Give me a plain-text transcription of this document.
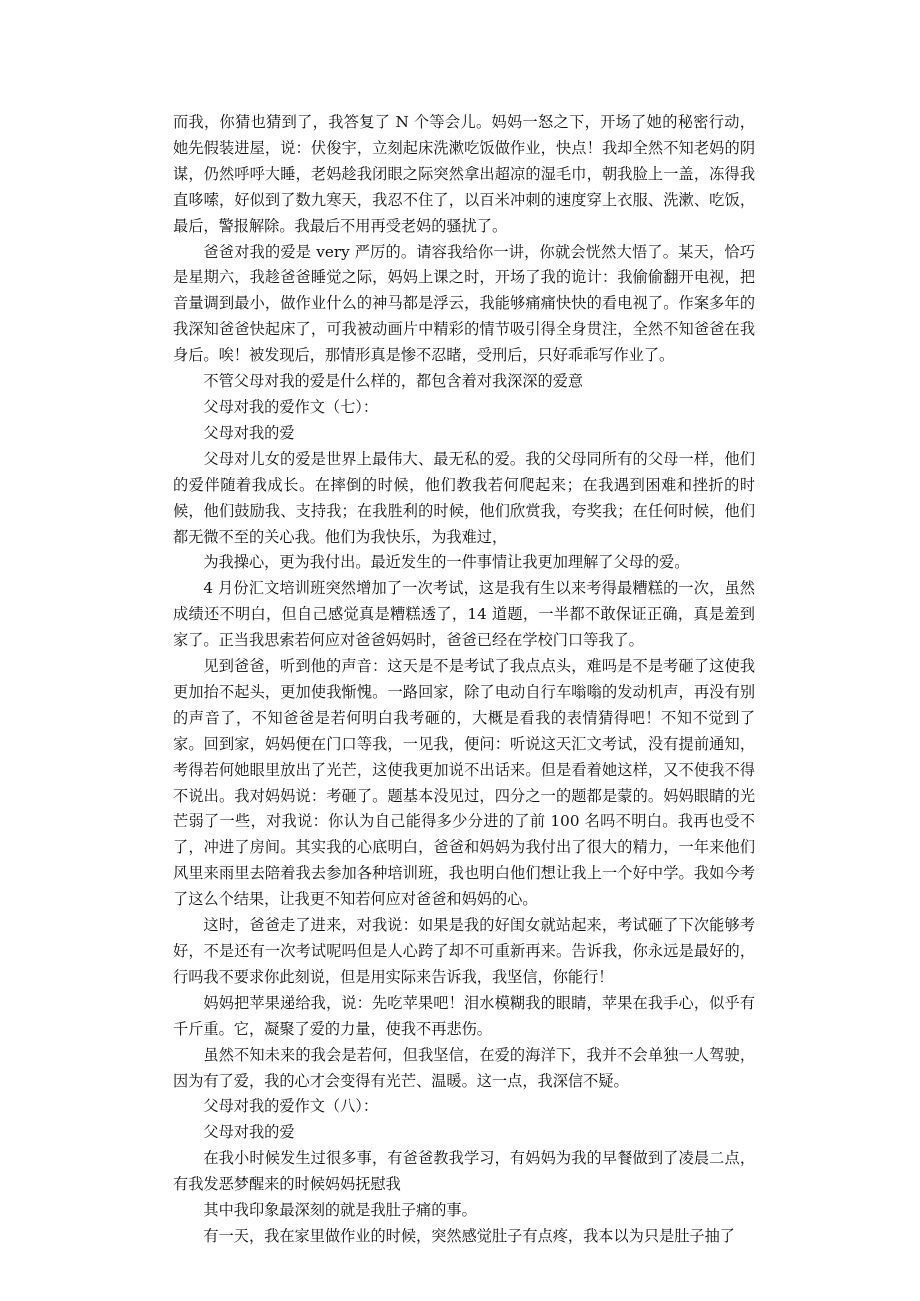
而我，你猜也猜到了，我答复了 N 个等会儿。妈妈一怒之下，开场了她的秘密行动，她先假装进屋，说：伏俊宇，立刻起床洗漱吃饭做作业，快点！我却全然不知老妈的阴谋，仍然呼呼大睡，老妈趁我闭眼之际突然拿出超凉的湿毛巾，朝我脸上一盖，冻得我直哆嗦，好似到了数九寒天，我忍不住了，以百米冲刺的速度穿上衣服、洗漱、吃饭，最后，警报解除。我最后不用再受老妈的骚扰了。

爸爸对我的爱是 very 严厉的。请容我给你一讲，你就会恍然大悟了。某天，恰巧是星期六，我趁爸爸睡觉之际，妈妈上课之时，开场了我的诡计：我偷偷翻开电视，把音量调到最小，做作业什么的神马都是浮云，我能够痛痛快快的看电视了。作案多年的我深知爸爸快起床了，可我被动画片中精彩的情节吸引得全身贯注，全然不知爸爸在我身后。唉！被发现后，那情形真是惨不忍睹，受刑后，只好乖乖写作业了。

不管父母对我的爱是什么样的，都包含着对我深深的爱意

父母对我的爱作文（七）：

父母对我的爱

父母对儿女的爱是世界上最伟大、最无私的爱。我的父母同所有的父母一样，他们的爱伴随着我成长。在摔倒的时候，他们教我若何爬起来；在我遇到困难和挫折的时候，他们鼓励我、支持我；在我胜利的时候，他们欣赏我，夸奖我；在任何时候，他们都无微不至的关心我。他们为我快乐，为我难过，

为我操心，更为我付出。最近发生的一件事情让我更加理解了父母的爱。

4 月份汇文培训班突然增加了一次考试，这是我有生以来考得最糟糕的一次，虽然成绩还不明白，但自己感觉真是糟糕透了，14 道题，一半都不敢保证正确，真是羞到家了。正当我思索若何应对爸爸妈妈时，爸爸已经在学校门口等我了。

见到爸爸，听到他的声音：这天是不是考试了我点点头，难吗是不是考砸了这使我更加抬不起头，更加使我惭愧。一路回家，除了电动自行车嗡嗡的发动机声，再没有别的声音了，不知爸爸是若何明白我考砸的，大概是看我的表情猜得吧！不知不觉到了家。回到家，妈妈便在门口等我，一见我，便问：听说这天汇文考试，没有提前通知，考得若何她眼里放出了光芒，这使我更加说不出话来。但是看着她这样，又不使我不得不说出。我对妈妈说：考砸了。题基本没见过，四分之一的题都是蒙的。妈妈眼睛的光芒弱了一些，对我说：你认为自己能得多少分进的了前 100 名吗不明白。我再也受不了，冲进了房间。其实我的心底明白，爸爸和妈妈为我付出了很大的精力，一年来他们风里来雨里去陪着我去参加各种培训班，我也明白他们想让我上一个好中学。我如今考了这么个结果，让我更不知若何应对爸爸和妈妈的心。

这时，爸爸走了进来，对我说：如果是我的好闺女就站起来，考试砸了下次能够考好，不是还有一次考试呢吗但是人心跨了却不可重新再来。告诉我，你永远是最好的，行吗我不要求你此刻说，但是用实际来告诉我，我坚信，你能行！

妈妈把苹果递给我，说：先吃苹果吧！泪水模糊我的眼睛，苹果在我手心，似乎有千斤重。它，凝聚了爱的力量，使我不再悲伤。

虽然不知未来的我会是若何，但我坚信，在爱的海洋下，我并不会单独一人驾驶，因为有了爱，我的心才会变得有光芒、温暖。这一点，我深信不疑。

父母对我的爱作文（八）：

父母对我的爱

在我小时候发生过很多事，有爸爸教我学习，有妈妈为我的早餐做到了凌晨二点，有我发恶梦醒来的时候妈妈抚慰我

其中我印象最深刻的就是我肚子痛的事。

有一天，我在家里做作业的时候，突然感觉肚子有点疼，我本以为只是肚子抽了
